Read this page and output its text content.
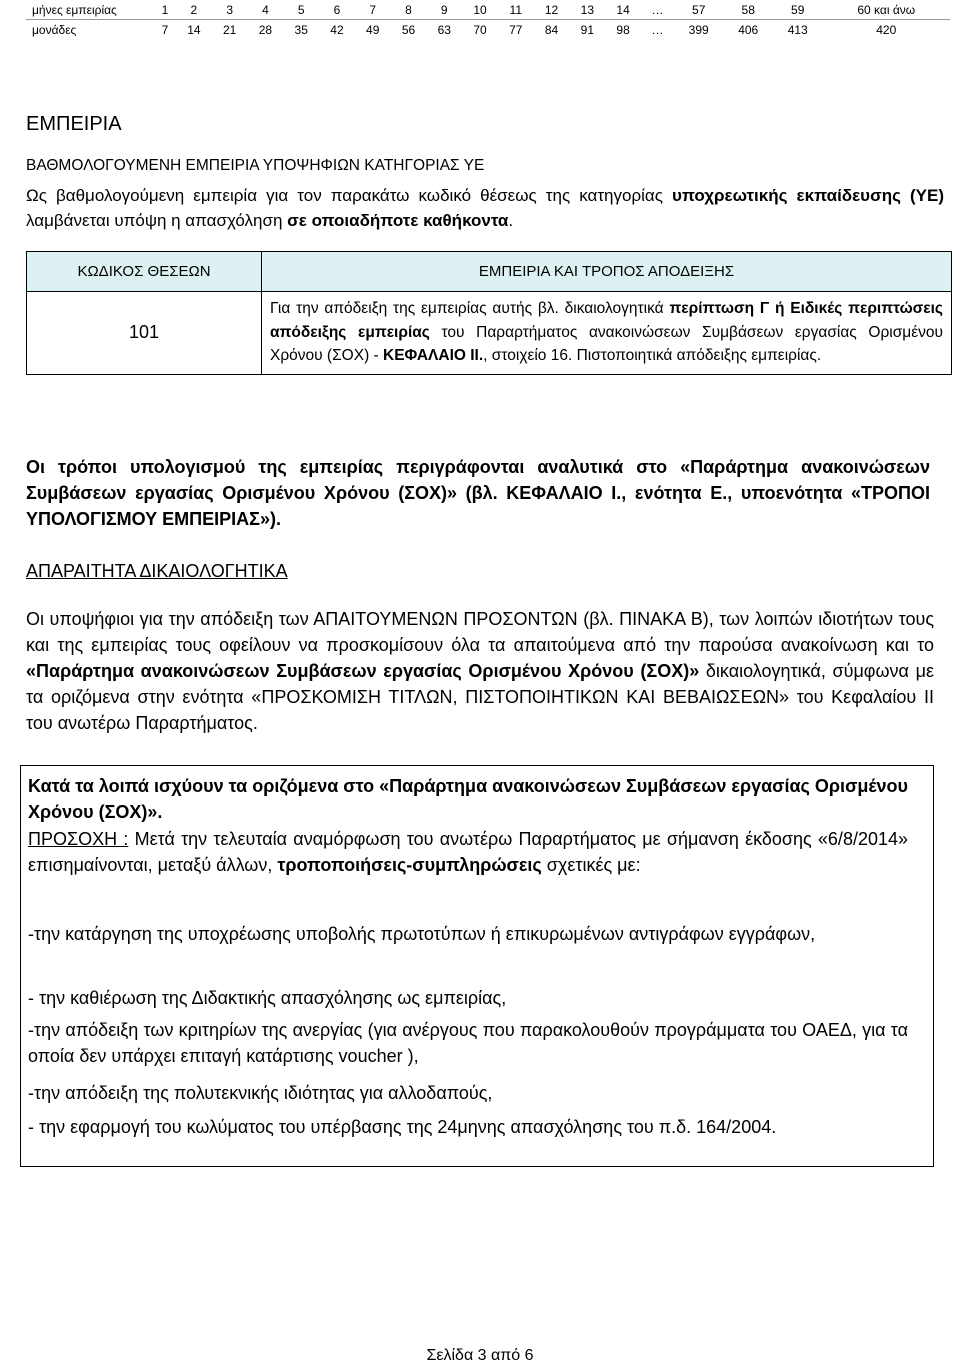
μήνες εμπειρίας	1	2	3	4	5	6	7	8	9	10	11	12	13	14	…	57	58	59	60 και άνω
μονάδες	7	14	21	28	35	42	49	56	63	70	77	84	91	98	…	399	406	413	420
ΕΜΠΕΙΡΙΑ
ΒΑΘΜΟΛΟΓΟΥΜΕΝΗ ΕΜΠΕΙΡΙΑ ΥΠΟΨΗΦΙΩΝ ΚΑΤΗΓΟΡΙΑΣ ΥΕ
Ως βαθμολογούμενη εμπειρία για τον παρακάτω κωδικό θέσεως της κατηγορίας υποχρεωτικής εκπαίδευσης (ΥΕ) λαμβάνεται υπόψη η απασχόληση σε οποιαδήποτε καθήκοντα.
ΚΩΔΙΚΟΣ ΘΕΣΕΩΝ	ΕΜΠΕΙΡΙΑ ΚΑΙ ΤΡΟΠΟΣ ΑΠΟΔΕΙΞΗΣ
101	Για την απόδειξη της εμπειρίας αυτής βλ. δικαιολογητικά περίπτωση Γ ή Ειδικές περιπτώσεις απόδειξης εμπειρίας του Παραρτήματος ανακοινώσεων Συμβάσεων εργασίας Ορισμένου Χρόνου (ΣΟΧ) - ΚΕΦΑΛΑΙΟ ΙΙ., στοιχείο 16. Πιστοποιητικά απόδειξης εμπειρίας.
Οι τρόποι υπολογισμού της εμπειρίας περιγράφονται αναλυτικά στο «Παράρτημα ανακοινώσεων Συμβάσεων εργασίας Ορισμένου Χρόνου (ΣΟΧ)» (βλ. ΚΕΦΑΛΑΙΟ Ι., ενότητα Ε., υποενότητα «ΤΡΟΠΟΙ ΥΠΟΛΟΓΙΣΜΟΥ ΕΜΠΕΙΡΙΑΣ»).
ΑΠΑΡΑΙΤΗΤΑ ΔΙΚΑΙΟΛΟΓΗΤΙΚΑ
Οι υποψήφιοι για την απόδειξη των ΑΠΑΙΤΟΥΜΕΝΩΝ ΠΡΟΣΟΝΤΩΝ (βλ. ΠΙΝΑΚΑ Β), των λοιπών ιδιοτήτων τους και της εμπειρίας τους οφείλουν να προσκομίσουν όλα τα απαιτούμενα από την παρούσα ανακοίνωση και το «Παράρτημα ανακοινώσεων Συμβάσεων εργασίας Ορισμένου Χρόνου (ΣΟΧ)» δικαιολογητικά, σύμφωνα με τα οριζόμενα στην ενότητα «ΠΡΟΣΚΟΜΙΣΗ ΤΙΤΛΩΝ, ΠΙΣΤΟΠΟΙΗΤΙΚΩΝ ΚΑΙ ΒΕΒΑΙΩΣΕΩΝ» του Κεφαλαίου ΙΙ του ανωτέρω Παραρτήματος.

Κατά τα λοιπά ισχύουν τα οριζόμενα στο «Παράρτημα ανακοινώσεων Συμβάσεων εργασίας Ορισμένου Χρόνου (ΣΟΧ)».

ΠΡΟΣΟΧΗ : Μετά την τελευταία αναμόρφωση του ανωτέρω Παραρτήματος με σήμανση έκδοσης «6/8/2014» επισημαίνονται, μεταξύ άλλων, τροποποιήσεις-συμπληρώσεις σχετικές με:

-την κατάργηση της υποχρέωσης υποβολής πρωτοτύπων ή επικυρωμένων αντιγράφων εγγράφων,

- την καθιέρωση της Διδακτικής απασχόλησης ως εμπειρίας,

-την απόδειξη των κριτηρίων της ανεργίας (για ανέργους που παρακολουθούν προγράμματα του ΟΑΕΔ, για τα οποία δεν υπάρχει επιταγή κατάρτισης voucher ),

-την απόδειξη της πολυτεκνικής ιδιότητας για αλλοδαπούς,

- την εφαρμογή του κωλύματος του υπέρβασης της 24μηνης απασχόλησης του π.δ. 164/2004.

Σελίδα 3 από 6
